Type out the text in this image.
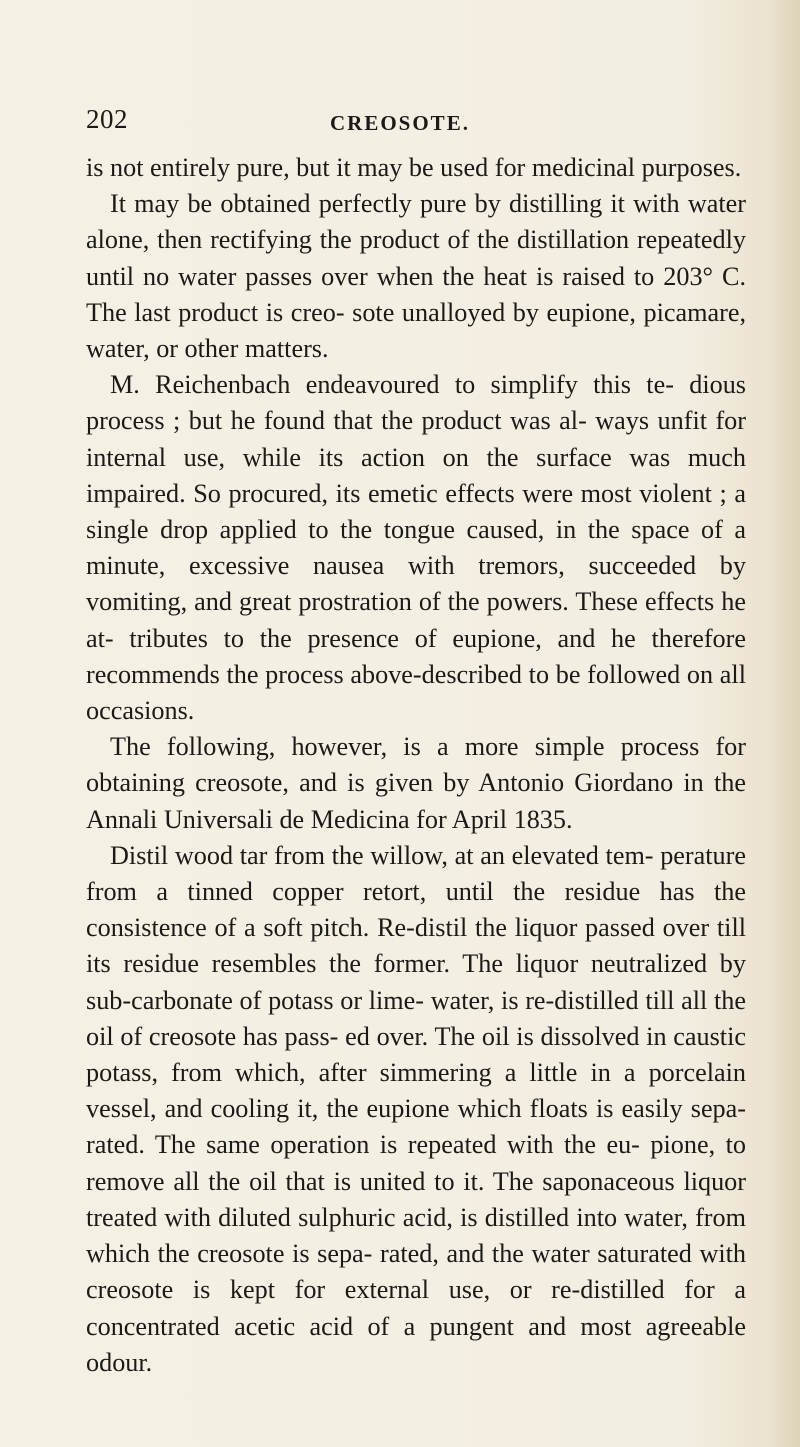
202	CREOSOTE.

is not entirely pure, but it may be used for medicinal purposes.

It may be obtained perfectly pure by distilling it with water alone, then rectifying the product of the distillation repeatedly until no water passes over when the heat is raised to 203° C. The last product is creo- sote unalloyed by eupione, picamare, water, or other matters.

M. Reichenbach endeavoured to simplify this te- dious process ; but he found that the product was al- ways unfit for internal use, while its action on the surface was much impaired. So procured, its emetic effects were most violent ; a single drop applied to the tongue caused, in the space of a minute, excessive nausea with tremors, succeeded by vomiting, and great prostration of the powers. These effects he at- tributes to the presence of eupione, and he therefore recommends the process above-described to be followed on all occasions.

The following, however, is a more simple process for obtaining creosote, and is given by Antonio Giordano in the Annali Universali de Medicina for April 1835.

Distil wood tar from the willow, at an elevated tem- perature from a tinned copper retort, until the residue has the consistence of a soft pitch. Re-distil the liquor passed over till its residue resembles the former. The liquor neutralized by sub-carbonate of potass or lime- water, is re-distilled till all the oil of creosote has pass- ed over. The oil is dissolved in caustic potass, from which, after simmering a little in a porcelain vessel, and cooling it, the eupione which floats is easily sepa- rated. The same operation is repeated with the eu- pione, to remove all the oil that is united to it. The saponaceous liquor treated with diluted sulphuric acid, is distilled into water, from which the creosote is sepa- rated, and the water saturated with creosote is kept for external use, or re-distilled for a concentrated acetic acid of a pungent and most agreeable odour.
